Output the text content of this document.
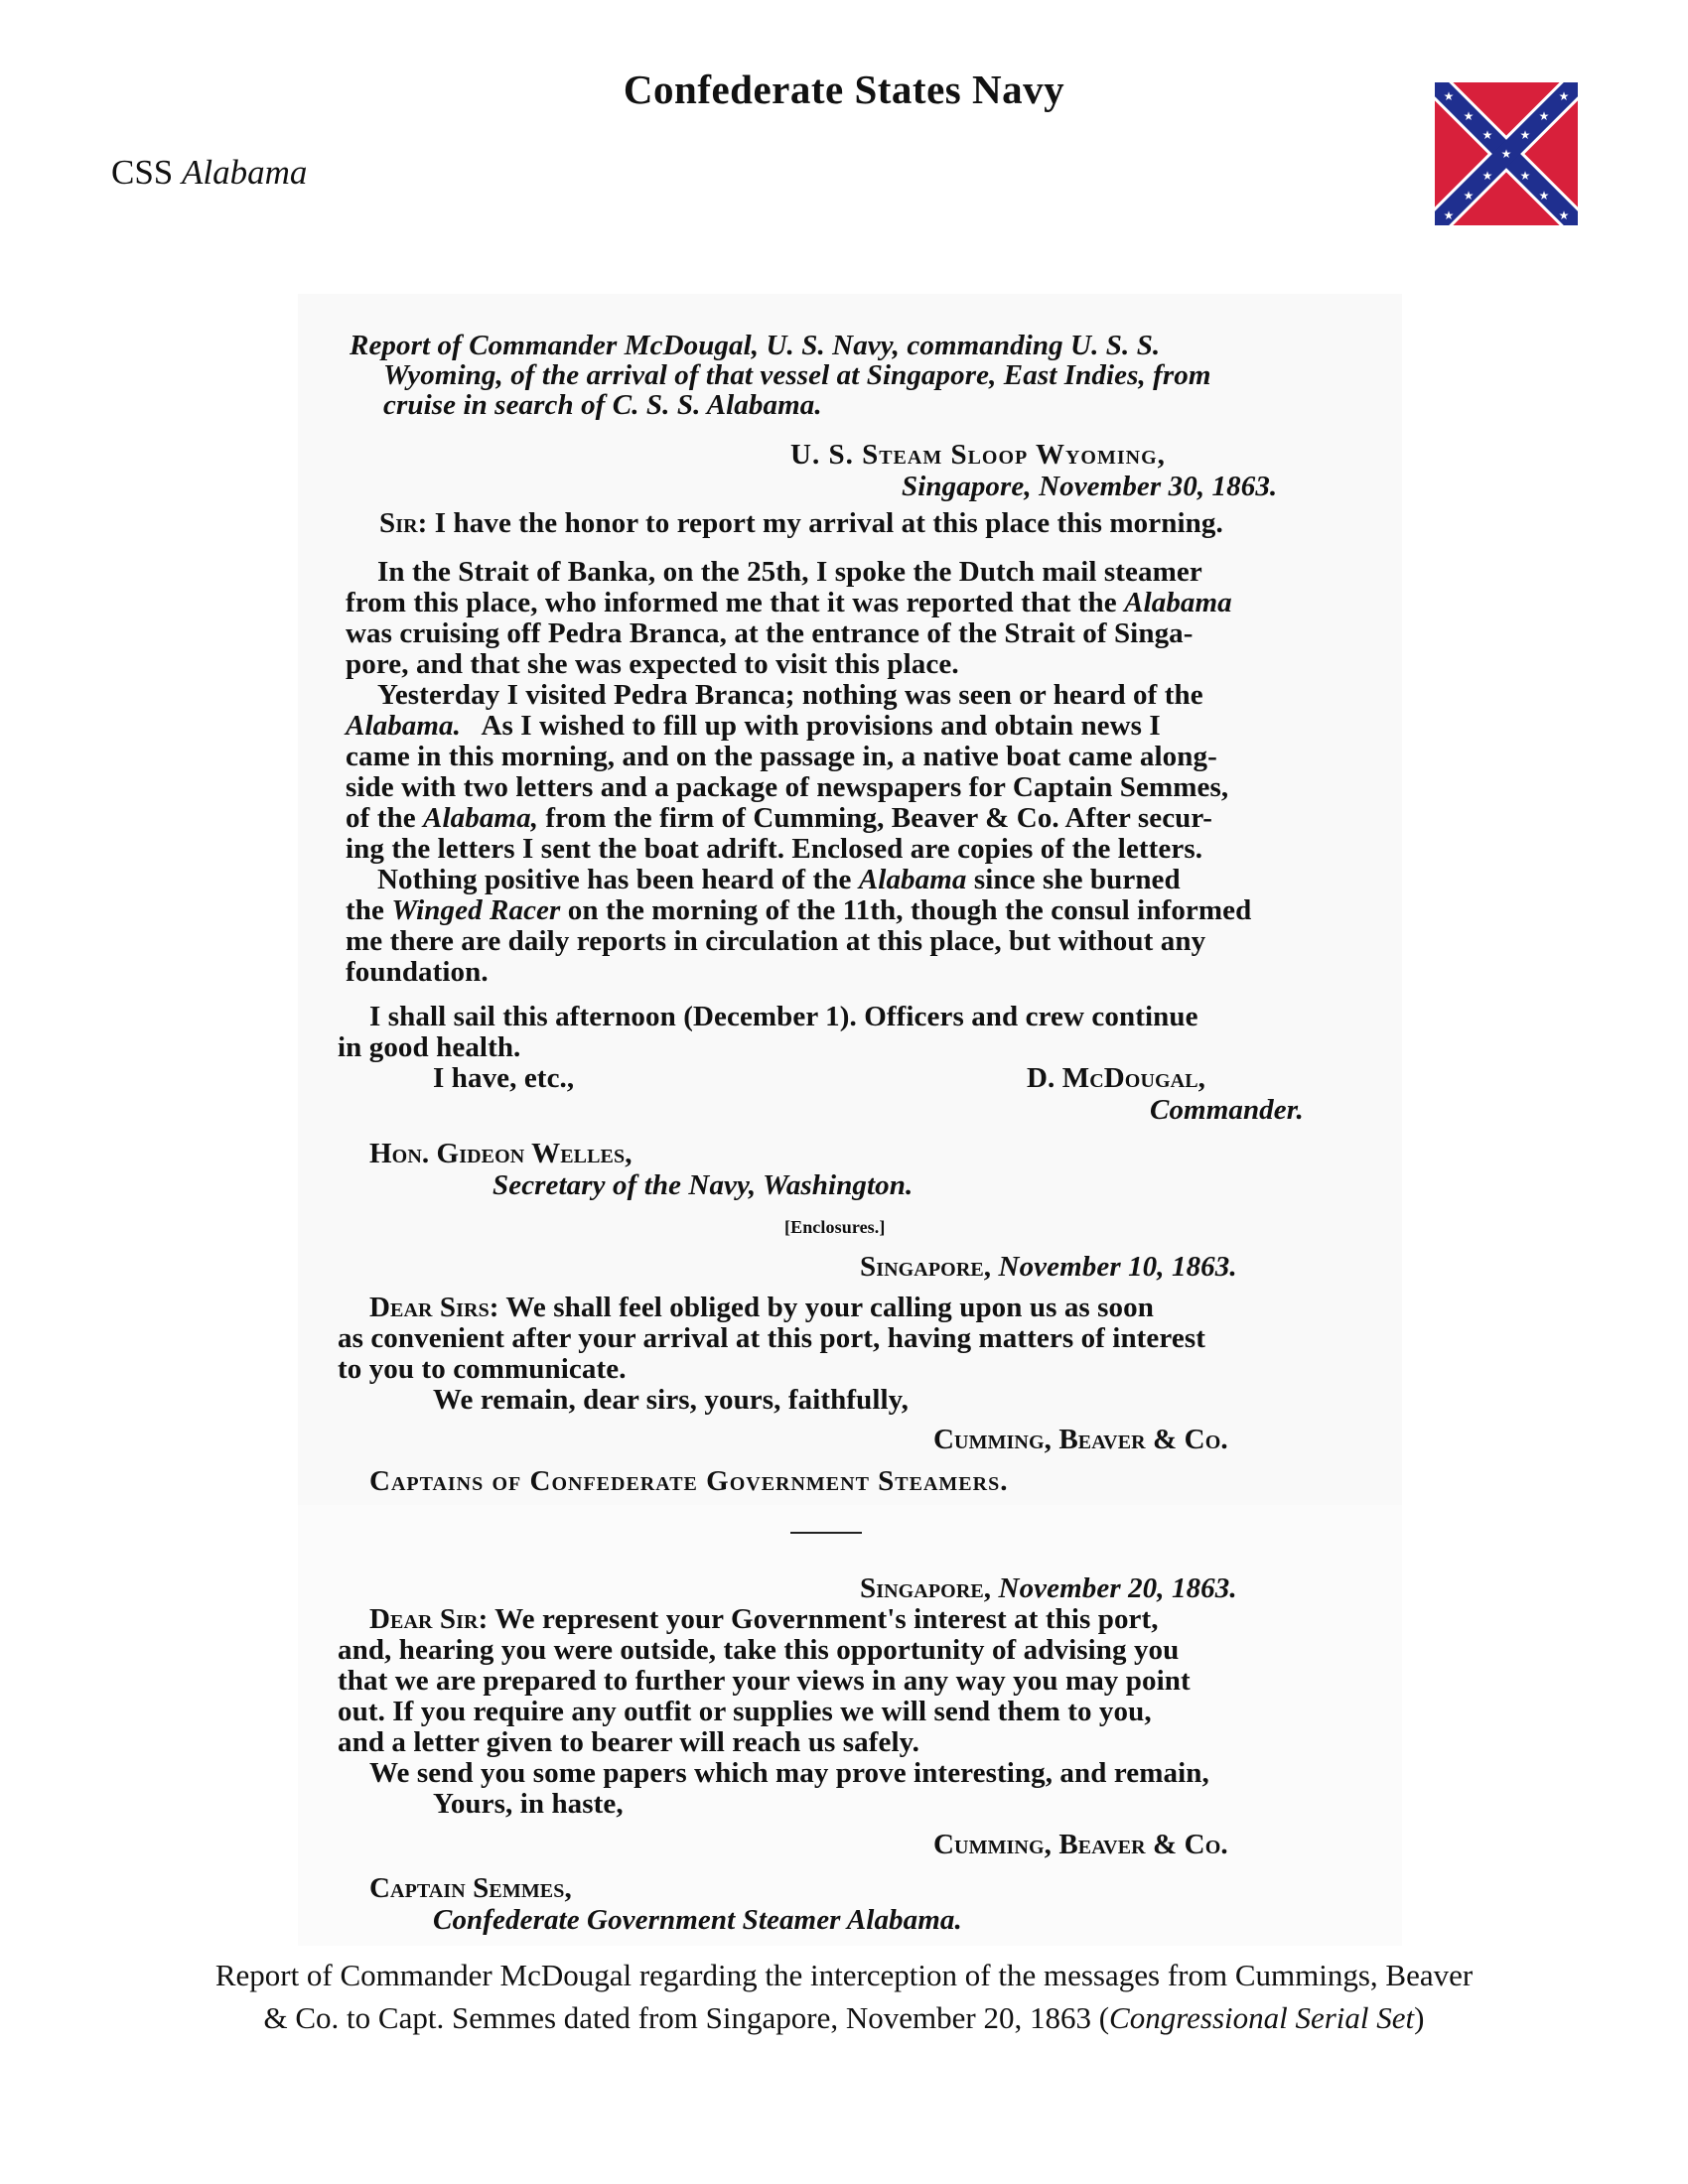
Confederate States Navy
CSS Alabama	★
★
★
★
★
★
★
★
★
★
★
★
★
Report of Commander McDougal, U. S. Navy, commanding U. S. S.
Wyoming, of the arrival of that vessel at Singapore, East Indies, from
cruise in search of C. S. S. Alabama.
U. S. Steam Sloop Wyoming,
Singapore, November 30, 1863.
Sir: I have the honor to report my arrival at this place this morning.
In the Strait of Banka, on the 25th, I spoke the Dutch mail steamer
from this place, who informed me that it was reported that the Alabama
was cruising off Pedra Branca, at the entrance of the Strait of Singa-
pore, and that she was expected to visit this place.
Yesterday I visited Pedra Branca; nothing was seen or heard of the
Alabama. As I wished to fill up with provisions and obtain news I
came in this morning, and on the passage in, a native boat came along-
side with two letters and a package of newspapers for Captain Semmes,
of the Alabama, from the firm of Cumming, Beaver & Co. After secur-
ing the letters I sent the boat adrift. Enclosed are copies of the letters.
Nothing positive has been heard of the Alabama since she burned
the Winged Racer on the morning of the 11th, though the consul informed
me there are daily reports in circulation at this place, but without any
foundation.
I shall sail this afternoon (December 1). Officers and crew continue
in good health.
I have, etc.,	D. McDougal,
Commander.
Hon. Gideon Welles,
Secretary of the Navy, Washington.
[Enclosures.]
Singapore, November 10, 1863.
Dear Sirs: We shall feel obliged by your calling upon us as soon
as convenient after your arrival at this port, having matters of interest
to you to communicate.
We remain, dear sirs, yours, faithfully,
Cumming, Beaver & Co.
Captains of Confederate Government Steamers.
Singapore, November 20, 1863.
Dear Sir: We represent your Government's interest at this port,
and, hearing you were outside, take this opportunity of advising you
that we are prepared to further your views in any way you may point
out. If you require any outfit or supplies we will send them to you,
and a letter given to bearer will reach us safely.
We send you some papers which may prove interesting, and remain,
Yours, in haste,
Cumming, Beaver & Co.
Captain Semmes,
Confederate Government Steamer Alabama.
Report of Commander McDougal regarding the interception of the messages from Cummings, Beaver
& Co. to Capt. Semmes dated from Singapore, November 20, 1863 (Congressional Serial Set)
